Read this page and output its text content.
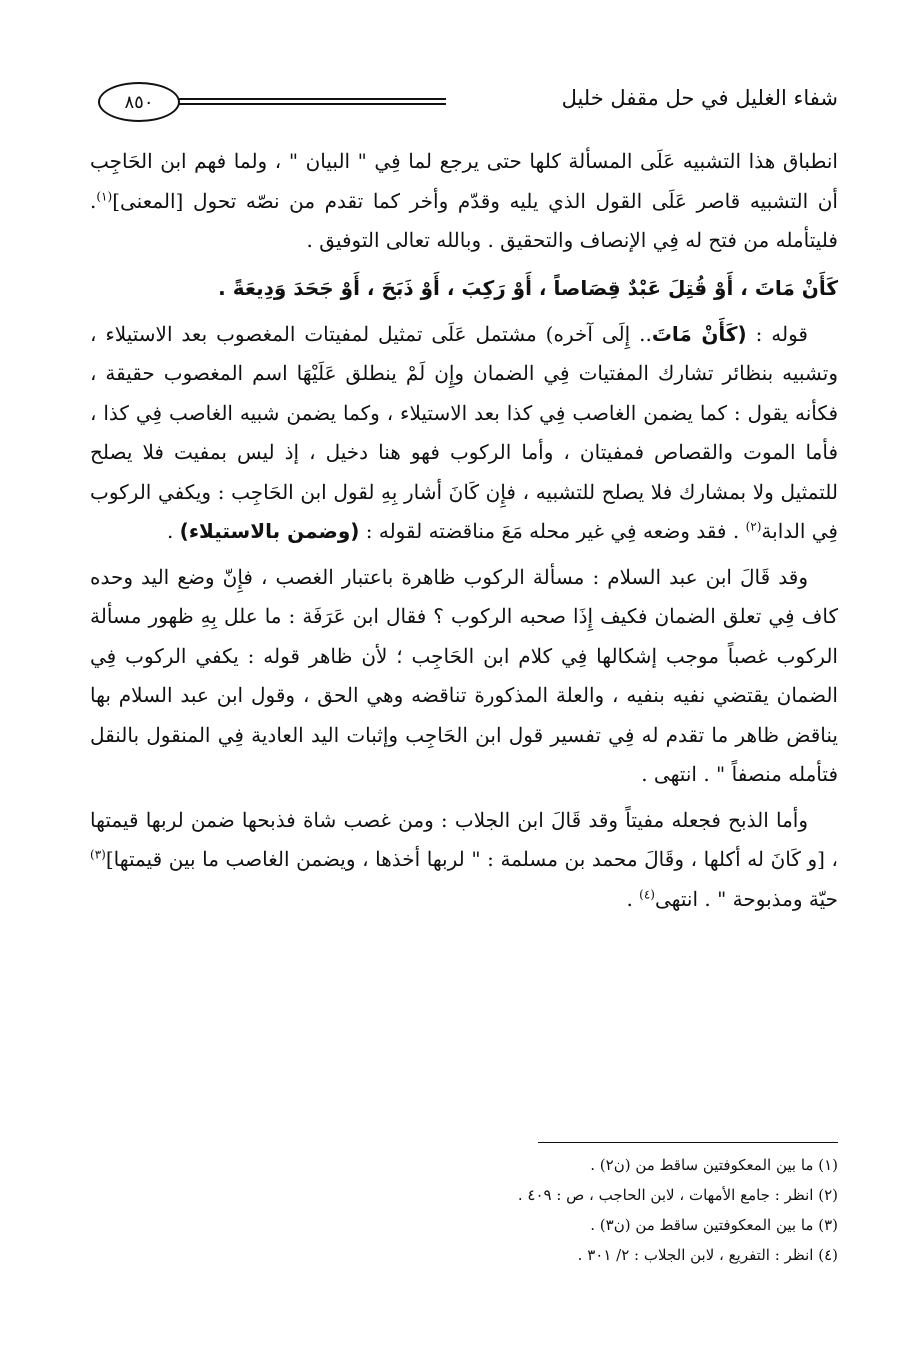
٨٥٠	شفاء الغليل في حل مقفل خليل

انطباق هذا التشبيه عَلَى المسألة كلها حتى يرجع لما فِي " البيان " ، ولما فهم ابن الحَاجِب أن التشبيه قاصر عَلَى القول الذي يليه وقدّم وأخر كما تقدم من نصّه تحول [المعنى]$^{(١)}$. فليتأمله من فتح له فِي الإنصاف والتحقيق . وبالله تعالى التوفيق .

كَأَنْ مَاتَ ، أَوْ قُتِلَ عَبْدٌ قِصَاصاً ، أَوْ رَكِبَ ، أَوْ ذَبَحَ ، أَوْ جَحَدَ وَدِيعَةً .

قوله : (كَأَنْ مَاتَ.. إِلَى آخره) مشتمل عَلَى تمثيل لمفيتات المغصوب بعد الاستيلاء ، وتشبيه بنظائر تشارك المفتيات فِي الضمان وإِن لَمْ ينطلق عَلَيْهَا اسم المغصوب حقيقة ، فكأنه يقول : كما يضمن الغاصب فِي كذا بعد الاستيلاء ، وكما يضمن شبيه الغاصب فِي كذا ، فأما الموت والقصاص فمفيتان ، وأما الركوب فهو هنا دخيل ، إذ ليس بمفيت فلا يصلح للتمثيل ولا بمشارك فلا يصلح للتشبيه ، فإِن كَانَ أشار بِهِ لقول ابن الحَاجِب : ويكفي الركوب فِي الدابة$^{(٢)}$ . فقد وضعه فِي غير محله مَعَ مناقضته لقوله : (وضمن بالاستيلاء) .

وقد قَالَ ابن عبد السلام : مسألة الركوب ظاهرة باعتبار الغصب ، فإِنّ وضع اليد وحده كاف فِي تعلق الضمان فكيف إِذَا صحبه الركوب ؟ فقال ابن عَرَفَة : ما علل بِهِ ظهور مسألة الركوب غصباً موجب إشكالها فِي كلام ابن الحَاجِب ؛ لأن ظاهر قوله : يكفي الركوب فِي الضمان يقتضي نفيه بنفيه ، والعلة المذكورة تناقضه وهي الحق ، وقول ابن عبد السلام بها يناقض ظاهر ما تقدم له فِي تفسير قول ابن الحَاجِب وإثبات اليد العادية فِي المنقول بالنقل فتأمله منصفاً " . انتهى .

وأما الذبح فجعله مفيتاً وقد قَالَ ابن الجلاب : ومن غصب شاة فذبحها ضمن لربها قيمتها ، [و كَانَ له أكلها ، وقَالَ محمد بن مسلمة : " لربها أخذها ، ويضمن الغاصب ما بين قيمتها]$^{(٣)}$ حيّة ومذبوحة " . انتهى$^{(٤)}$ .

(١) ما بين المعكوفتين ساقط من (ن٢) .

(٢) انظر : جامع الأمهات ، لابن الحاجب ، ص : ٤٠٩ .

(٣) ما بين المعكوفتين ساقط من (ن٣) .

(٤) انظر : التفريع ، لابن الجلاب : ٢/ ٣٠١ .
